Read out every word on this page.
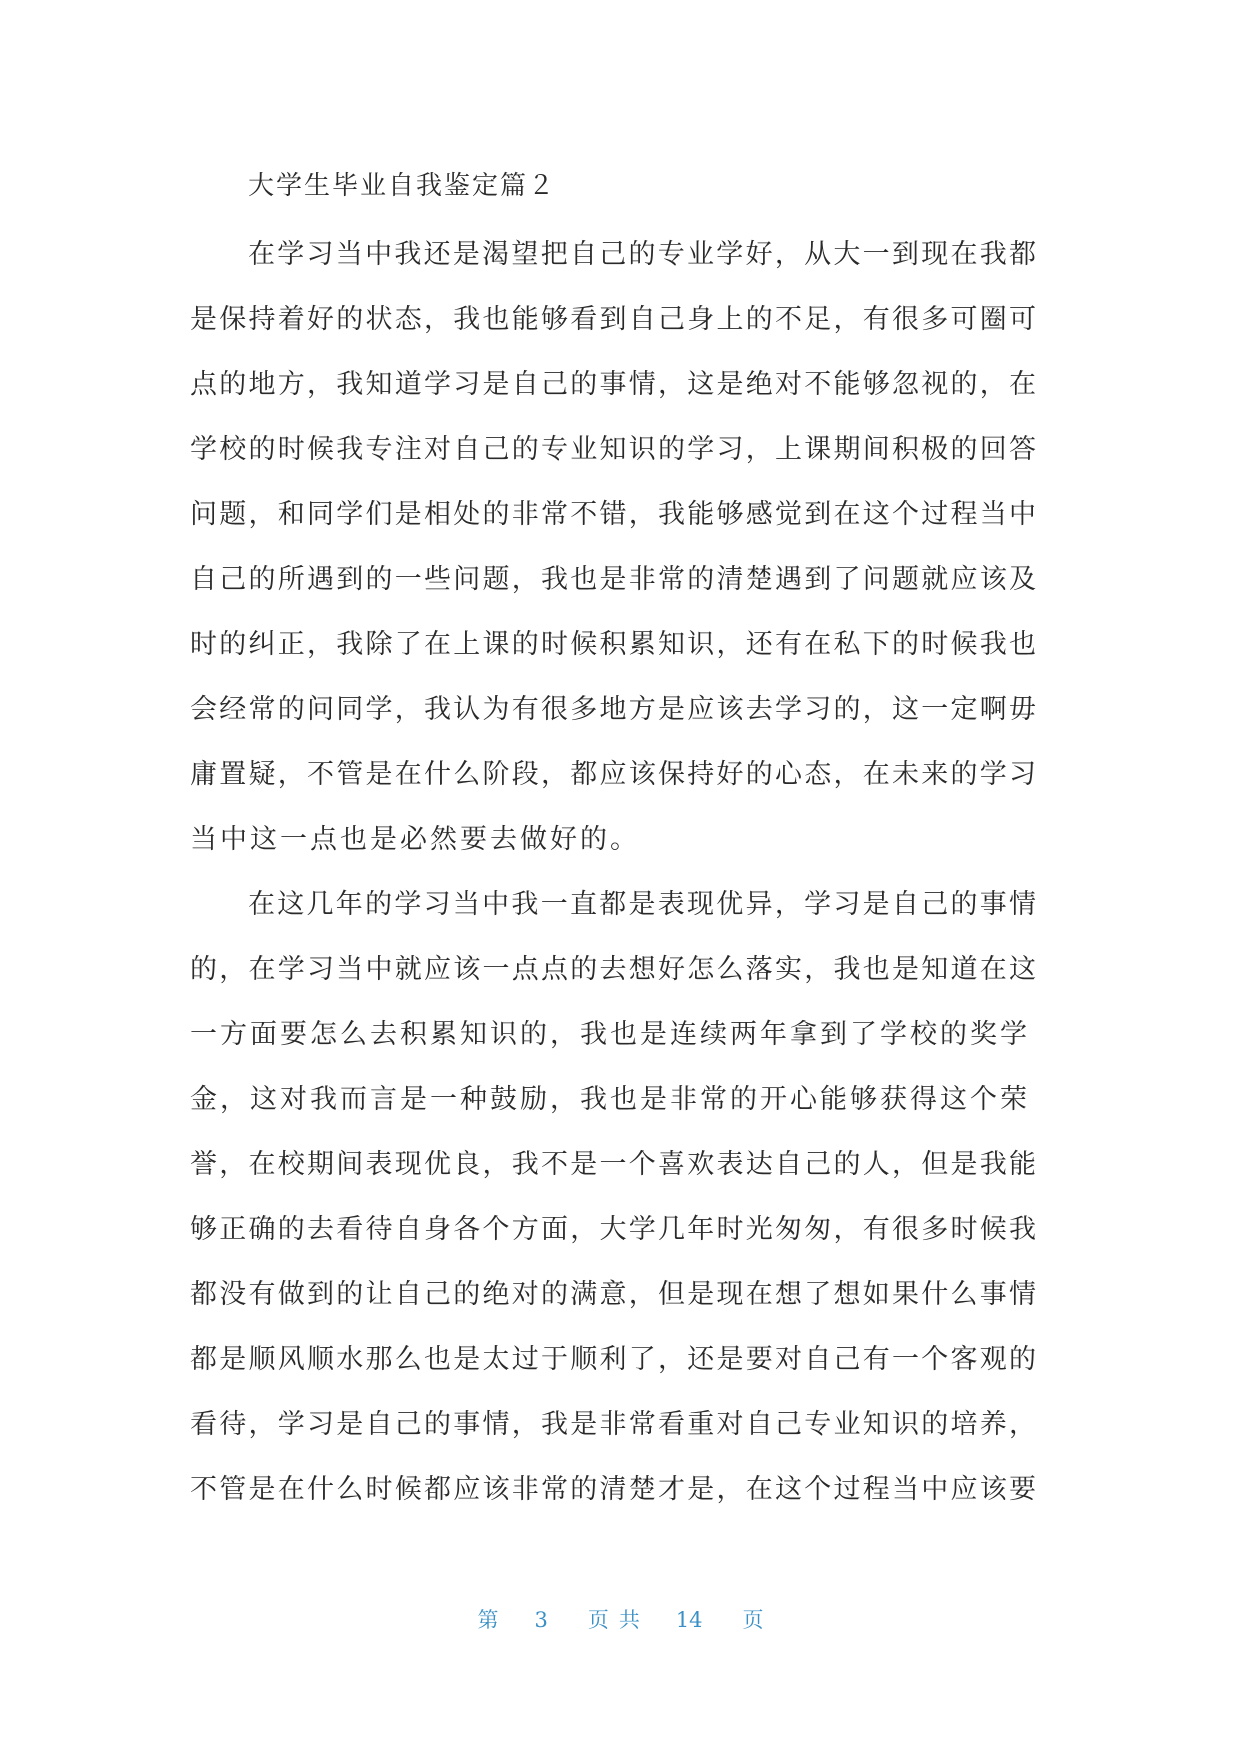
大学生毕业自我鉴定篇２

在学习当中我还是渴望把自己的专业学好，从大一到现在我都

是保持着好的状态，我也能够看到自己身上的不足，有很多可圈可

点的地方，我知道学习是自己的事情，这是绝对不能够忽视的，在

学校的时候我专注对自己的专业知识的学习，上课期间积极的回答

问题，和同学们是相处的非常不错，我能够感觉到在这个过程当中

自己的所遇到的一些问题，我也是非常的清楚遇到了问题就应该及

时的纠正，我除了在上课的时候积累知识，还有在私下的时候我也

会经常的问同学，我认为有很多地方是应该去学习的，这一定啊毋

庸置疑，不管是在什么阶段，都应该保持好的心态，在未来的学习

当中这一点也是必然要去做好的。

在这几年的学习当中我一直都是表现优异，学习是自己的事情

的，在学习当中就应该一点点的去想好怎么落实，我也是知道在这

一方面要怎么去积累知识的，我也是连续两年拿到了学校的奖学

金，这对我而言是一种鼓励，我也是非常的开心能够获得这个荣

誉，在校期间表现优良，我不是一个喜欢表达自己的人，但是我能

够正确的去看待自身各个方面，大学几年时光匆匆，有很多时候我

都没有做到的让自己的绝对的满意，但是现在想了想如果什么事情

都是顺风顺水那么也是太过于顺利了，还是要对自己有一个客观的

看待，学习是自己的事情，我是非常看重对自己专业知识的培养，

不管是在什么时候都应该非常的清楚才是，在这个过程当中应该要

第 3 页 共 14 页
